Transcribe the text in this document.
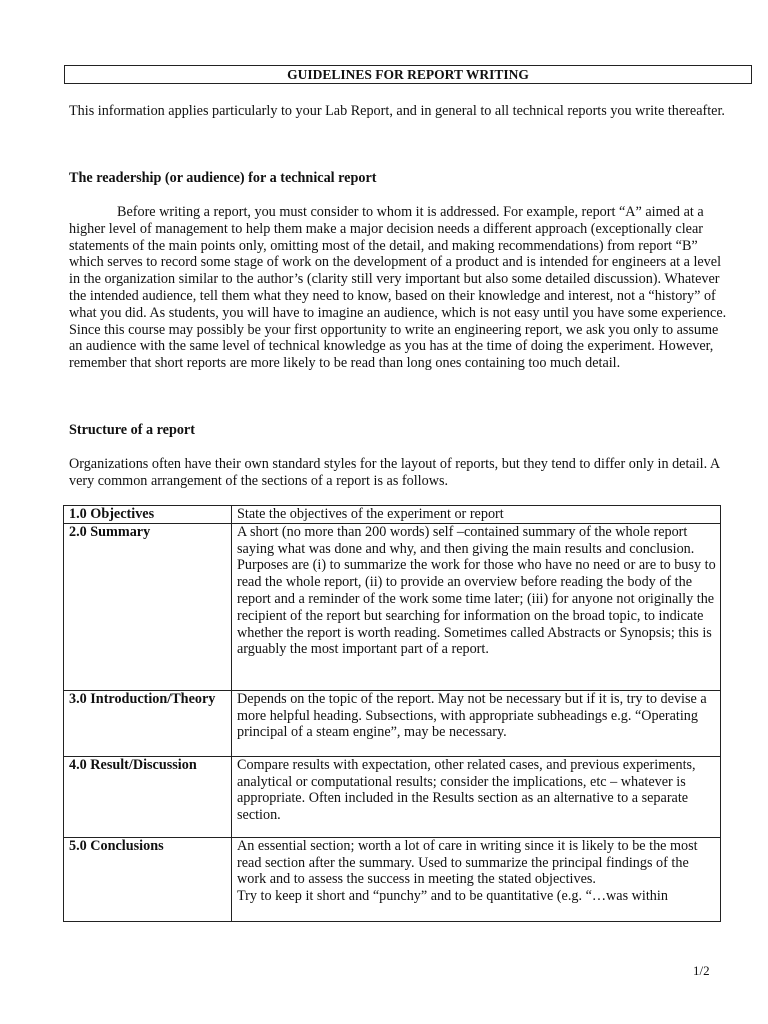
GUIDELINES FOR REPORT WRITING

This information applies particularly to your Lab Report, and in general to all technical reports you write thereafter.

The readership (or audience) for a technical report

Before writing a report, you must consider to whom it is addressed. For example, report “A” aimed at a higher level of management to help them make a major decision needs a different approach (exceptionally clear statements of the main points only, omitting most of the detail, and making recommendations) from report “B” which serves to record some stage of work on the development of a product and is intended for engineers at a level in the organization similar to the author’s (clarity still very important but also some detailed discussion). Whatever the intended audience, tell them what they need to know, based on their knowledge and interest, not a “history” of what you did. As students, you will have to imagine an audience, which is not easy until you have some experience. Since this course may possibly be your first opportunity to write an engineering report, we ask you only to assume an audience with the same level of technical knowledge as you has at the time of doing the experiment. However, remember that short reports are more likely to be read than long ones containing too much detail.

Structure of a report

Organizations often have their own standard styles for the layout of reports, but they tend to differ only in detail. A very common arrangement of the sections of a report is as follows.

1.0 Objectives	State the objectives of the experiment or report
2.0 Summary	A short (no more than 200 words) self –contained summary of the whole report saying what was done and why, and then giving the main results and conclusion. Purposes are (i) to summarize the work for those who have no need or are to busy to read the whole report, (ii) to provide an overview before reading the body of the report and a reminder of the work some time later; (iii) for anyone not originally the recipient of the report but searching for information on the broad topic, to indicate whether the report is worth reading. Sometimes called Abstracts or Synopsis; this is arguably the most important part of a report.
3.0 Introduction/Theory	Depends on the topic of the report. May not be necessary but if it is, try to devise a more helpful heading. Subsections, with appropriate subheadings e.g. “Operating principal of a steam engine”, may be necessary.
4.0 Result/Discussion	Compare results with expectation, other related cases, and previous experiments, analytical or computational results; consider the implications, etc – whatever is appropriate. Often included in the Results section as an alternative to a separate section.
5.0 Conclusions	An essential section; worth a lot of care in writing since it is likely to be the most read section after the summary. Used to summarize the principal findings of the work and to assess the success in meeting the stated objectives.
Try to keep it short and “punchy” and to be quantitative (e.g. “…was within
1/2
